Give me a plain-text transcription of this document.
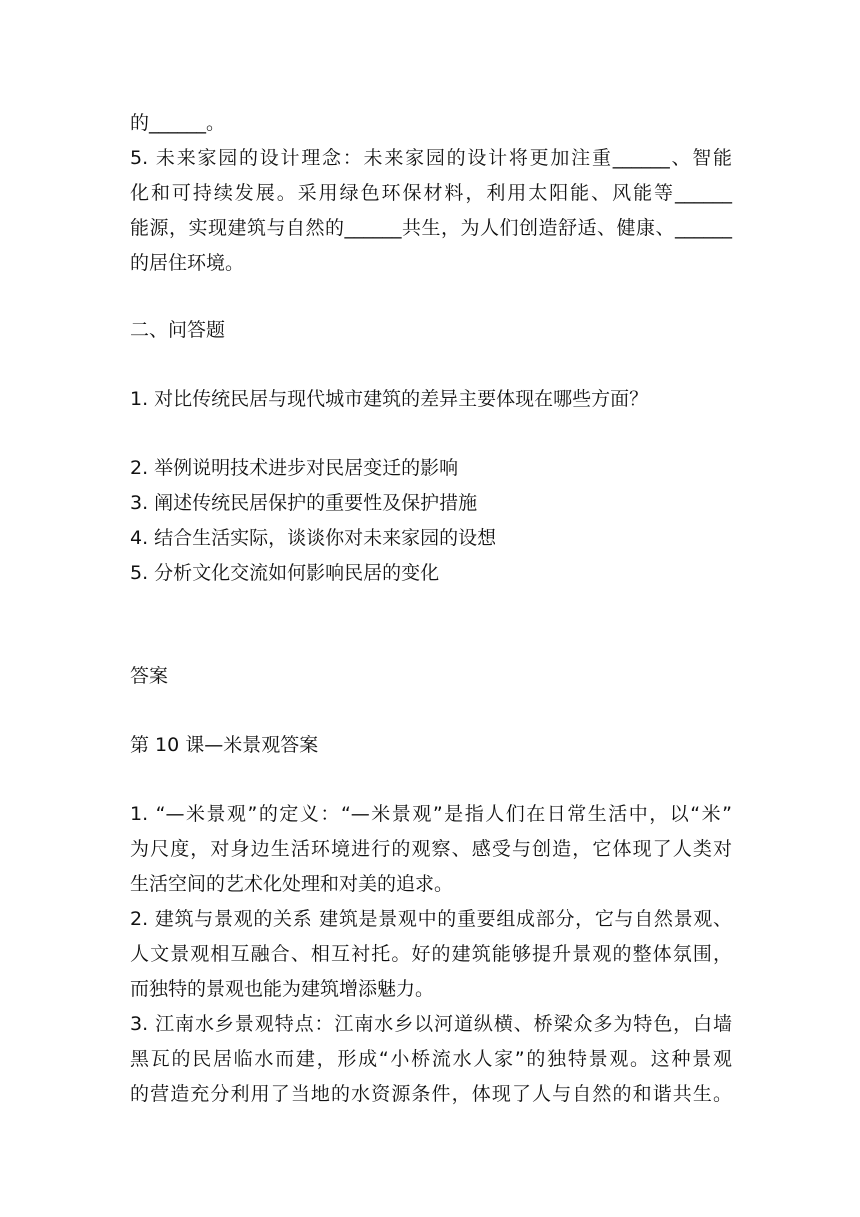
的______。
5. 未来家园的设计理念：未来家园的设计将更加注重______、智能
化和可持续发展。采用绿色环保材料，利用太阳能、风能等______
能源，实现建筑与自然的______共生，为人们创造舒适、健康、______
的居住环境。
二、问答题
1. 对比传统民居与现代城市建筑的差异主要体现在哪些方面？
2. 举例说明技术进步对民居变迁的影响
3. 阐述传统民居保护的重要性及保护措施
4. 结合生活实际，谈谈你对未来家园的设想
5. 分析文化交流如何影响民居的变化
答案
第 10 课—米景观答案
1. “—米景观”的定义：“—米景观”是指人们在日常生活中，以“米”
为尺度，对身边生活环境进行的观察、感受与创造，它体现了人类对
生活空间的艺术化处理和对美的追求。
2. 建筑与景观的关系 建筑是景观中的重要组成部分，它与自然景观、
人文景观相互融合、相互衬托。好的建筑能够提升景观的整体氛围，
而独特的景观也能为建筑增添魅力。
3. 江南水乡景观特点：江南水乡以河道纵横、桥梁众多为特色，白墙
黑瓦的民居临水而建，形成“小桥流水人家”的独特景观。这种景观
的营造充分利用了当地的水资源条件，体现了人与自然的和谐共生。
